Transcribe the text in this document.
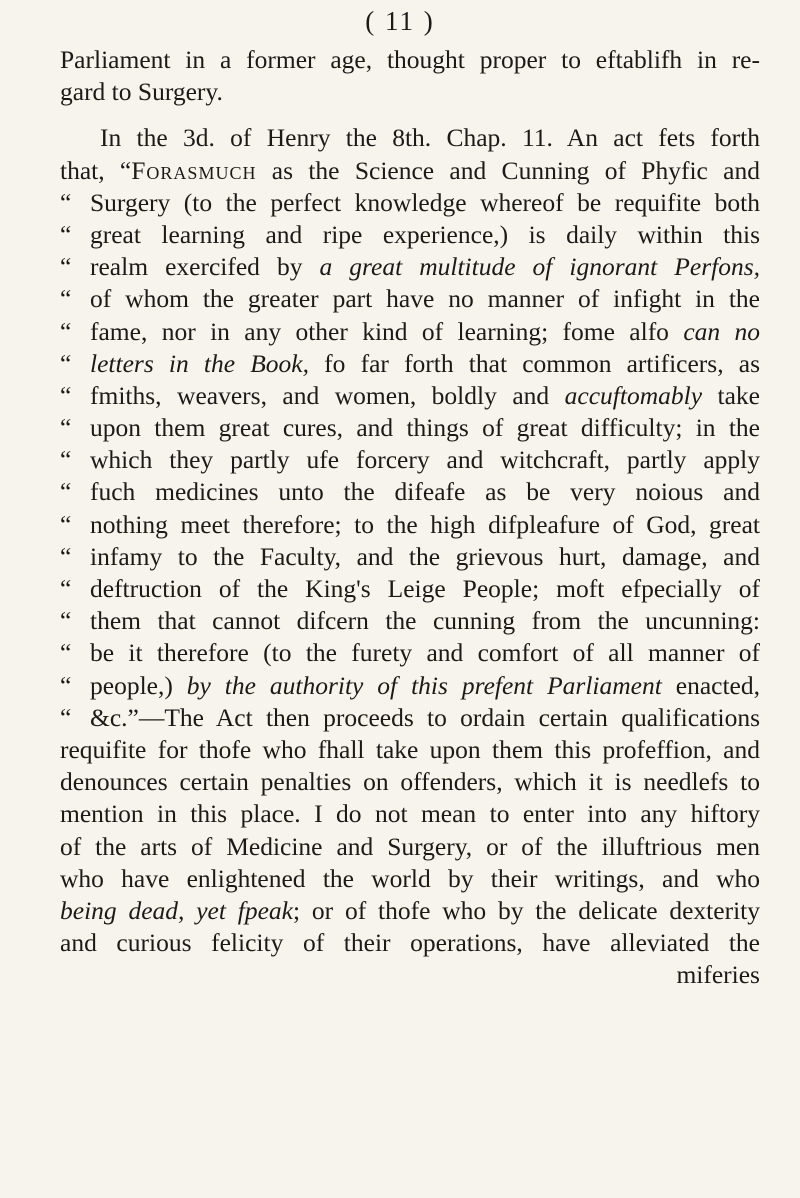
( 11 )
Parliament in a former age, thought proper to eftablifh in re-
gard to Surgery.
In the 3d. of Henry the 8th. Chap. 11. An act fets forth
that, “Forasmuch as the Science and Cunning of Phyfic and
“ Surgery (to the perfect knowledge whereof be requifite both
“ great learning and ripe experience,) is daily within this
“ realm exercifed by a great multitude of ignorant Perfons,
“ of whom the greater part have no manner of infight in the
“ fame, nor in any other kind of learning; fome alfo can no
“ letters in the Book, fo far forth that common artificers, as
“ fmiths, weavers, and women, boldly and accuftomably take
“ upon them great cures, and things of great difficulty; in the
“ which they partly ufe forcery and witchcraft, partly apply
“ fuch medicines unto the difeafe as be very noious and
“ nothing meet therefore; to the high difpleafure of God, great
“ infamy to the Faculty, and the grievous hurt, damage, and
“ deftruction of the King's Leige People; moft efpecially of
“ them that cannot difcern the cunning from the uncunning:
“ be it therefore (to the furety and comfort of all manner of
“ people,) by the authority of this prefent Parliament enacted,
“ &c.”—The Act then proceeds to ordain certain qualifications
requifite for thofe who fhall take upon them this profeffion, and
denounces certain penalties on offenders, which it is needlefs to
mention in this place. I do not mean to enter into any hiftory
of the arts of Medicine and Surgery, or of the illuftrious men
who have enlightened the world by their writings, and who
being dead, yet fpeak; or of thofe who by the delicate dexterity
and curious felicity of their operations, have alleviated the
miferies
